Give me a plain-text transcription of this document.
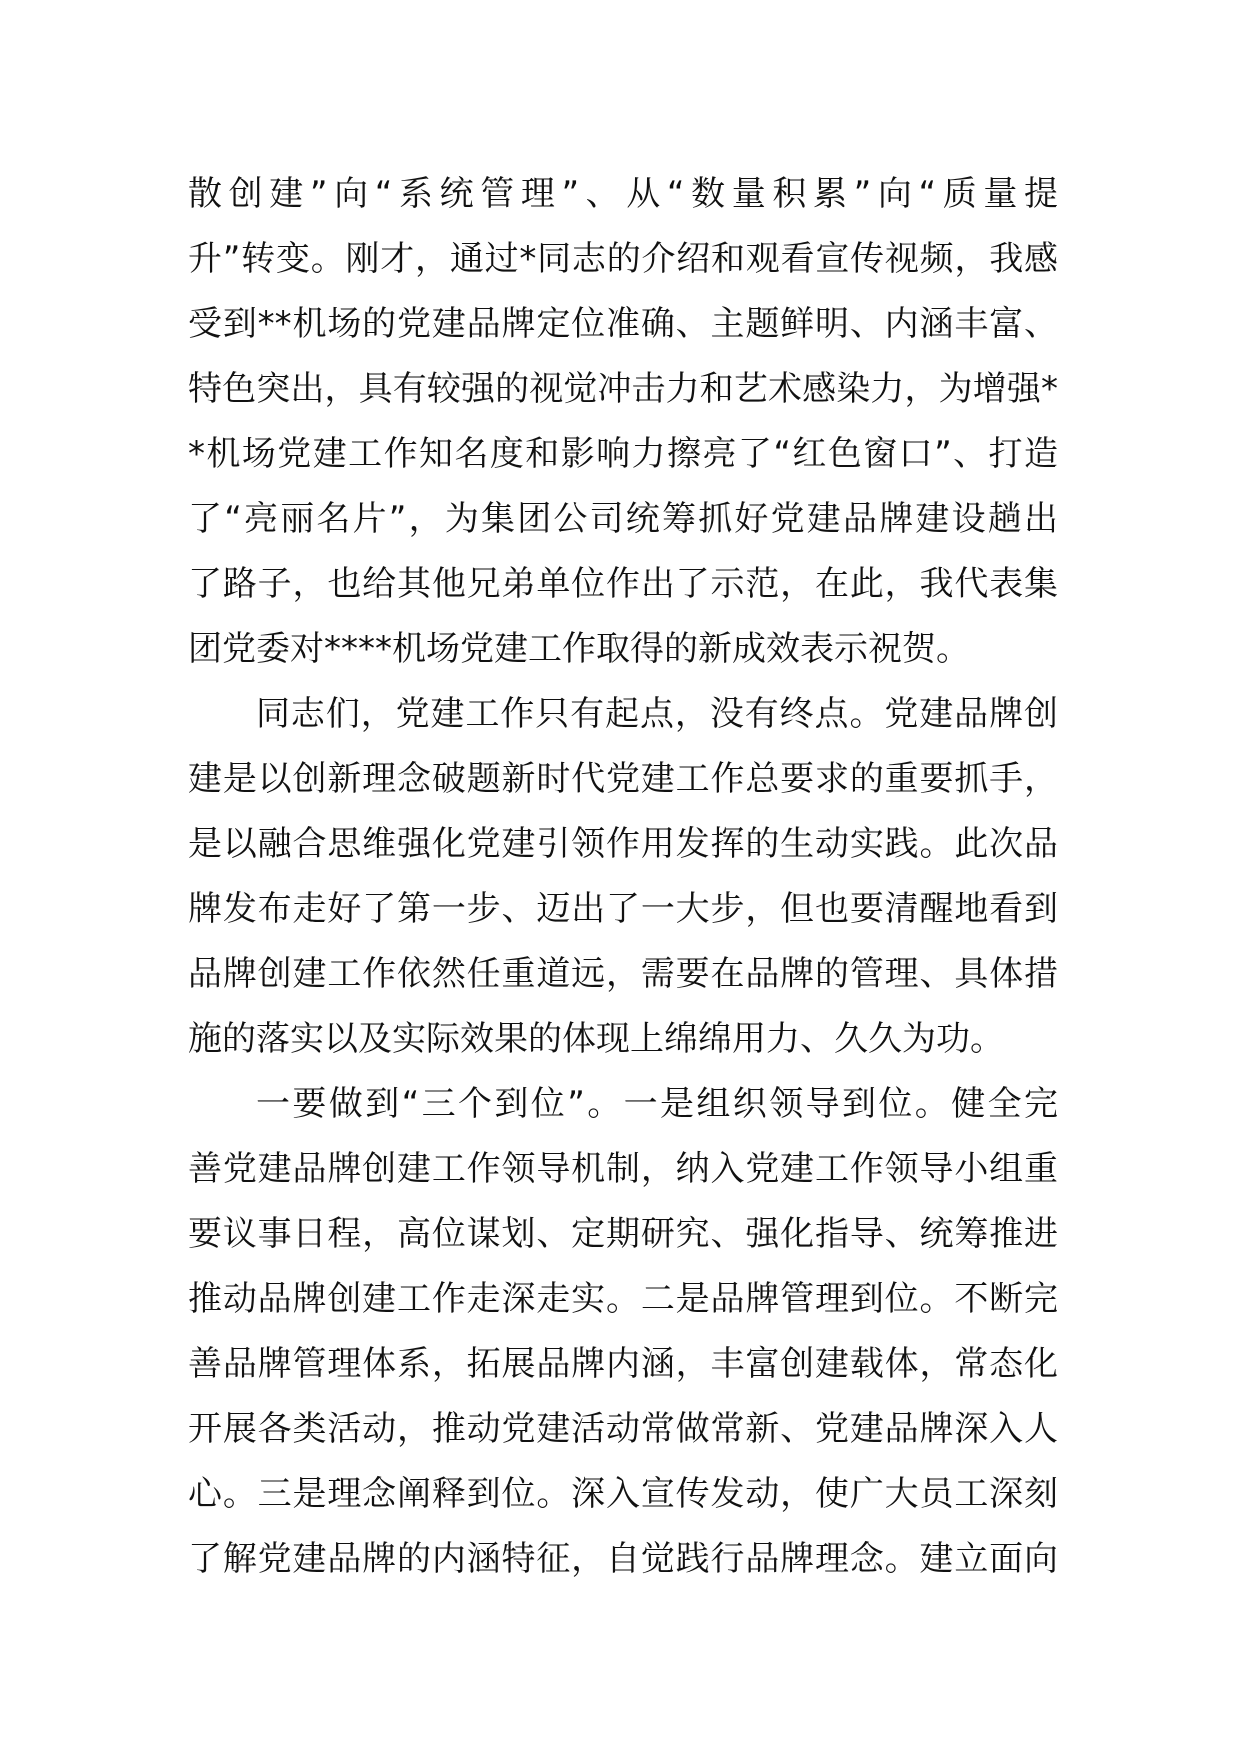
散创建”向“系统管理”、从“数量积累”向“质量提
升”转变。刚才，通过*同志的介绍和观看宣传视频，我感
受到**机场的党建品牌定位准确、主题鲜明、内涵丰富、
特色突出，具有较强的视觉冲击力和艺术感染力，为增强*
*机场党建工作知名度和影响力擦亮了“红色窗口”、打造
了“亮丽名片”，为集团公司统筹抓好党建品牌建设趟出
了路子，也给其他兄弟单位作出了示范，在此，我代表集
团党委对****机场党建工作取得的新成效表示祝贺。
同志们，党建工作只有起点，没有终点。党建品牌创
建是以创新理念破题新时代党建工作总要求的重要抓手，
是以融合思维强化党建引领作用发挥的生动实践。此次品
牌发布走好了第一步、迈出了一大步，但也要清醒地看到
品牌创建工作依然任重道远，需要在品牌的管理、具体措
施的落实以及实际效果的体现上绵绵用力、久久为功。
一要做到“三个到位”。一是组织领导到位。健全完
善党建品牌创建工作领导机制，纳入党建工作领导小组重
要议事日程，高位谋划、定期研究、强化指导、统筹推进
推动品牌创建工作走深走实。二是品牌管理到位。不断完
善品牌管理体系，拓展品牌内涵，丰富创建载体，常态化
开展各类活动，推动党建活动常做常新、党建品牌深入人
心。三是理念阐释到位。深入宣传发动，使广大员工深刻
了解党建品牌的内涵特征，自觉践行品牌理念。建立面向
